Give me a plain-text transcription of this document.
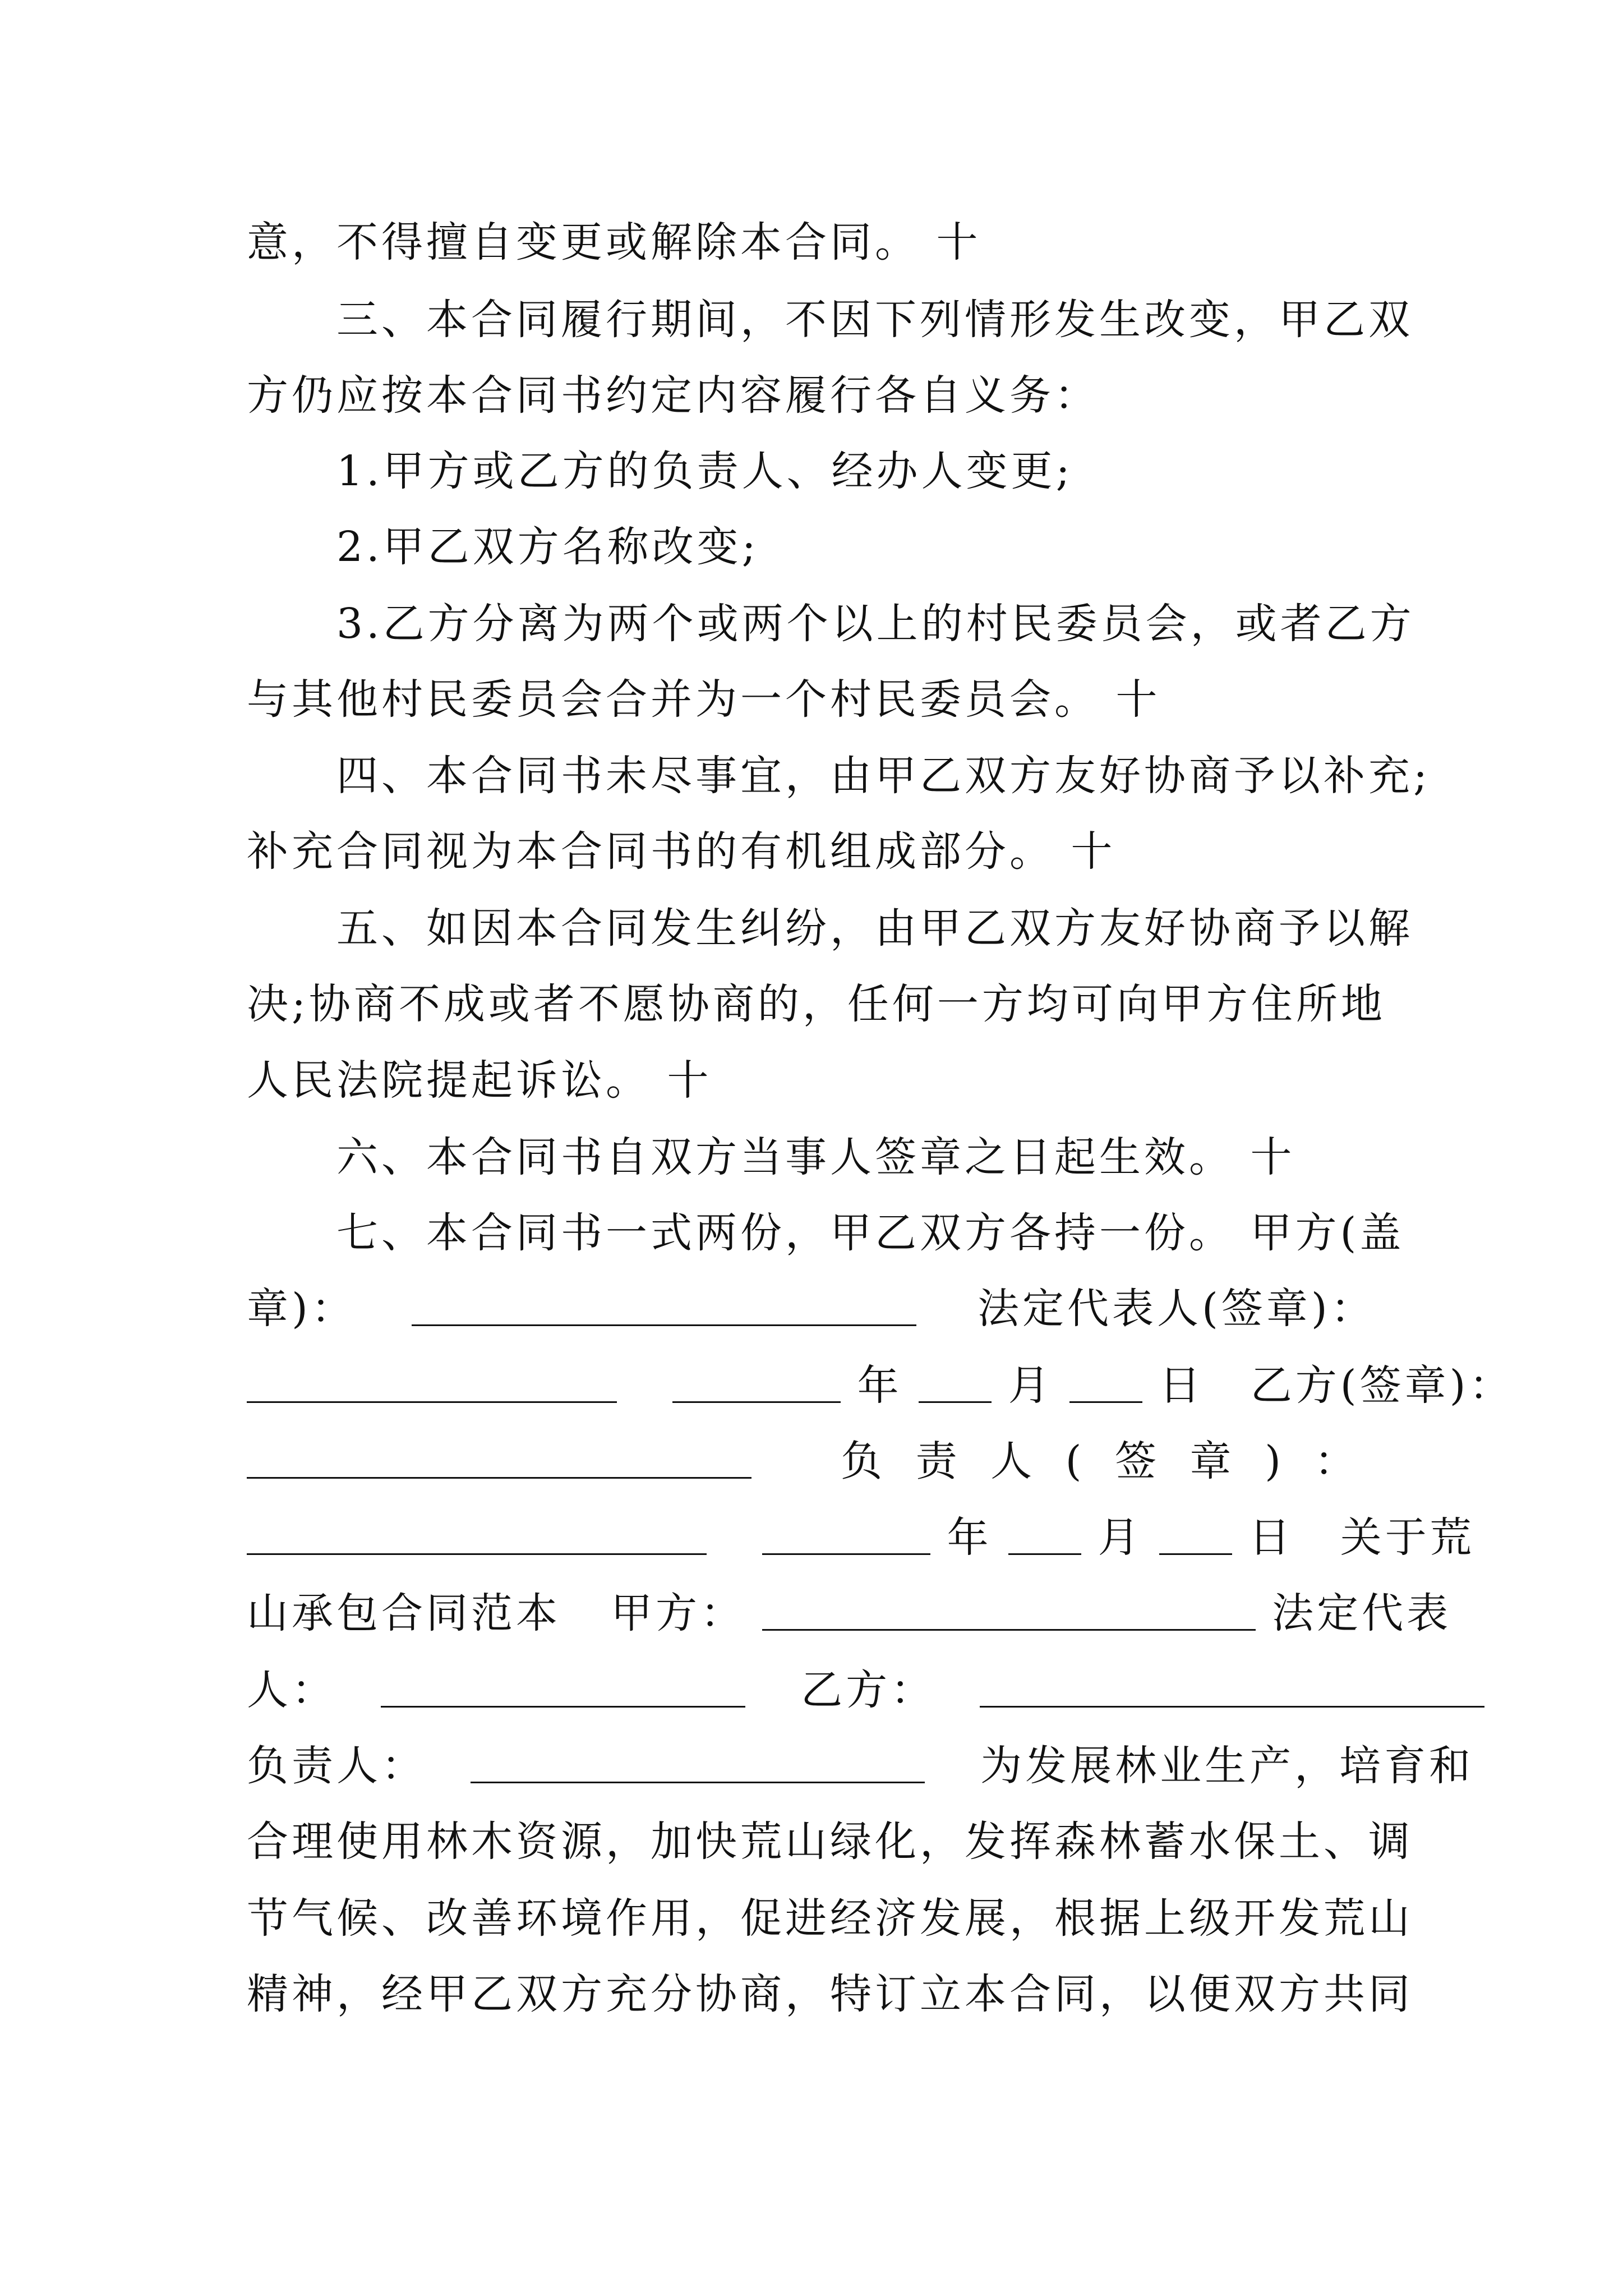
意，不得擅自变更或解除本合同。 十
三、本合同履行期间，不因下列情形发生改变，甲乙双
方仍应按本合同书约定内容履行各自义务：
1.甲方或乙方的负责人、经办人变更;
2.甲乙双方名称改变;
3.乙方分离为两个或两个以上的村民委员会，或者乙方
与其他村民委员会合并为一个村民委员会。 十
四、本合同书未尽事宜，由甲乙双方友好协商予以补充;
补充合同视为本合同书的有机组成部分。 十
五、如因本合同发生纠纷，由甲乙双方友好协商予以解
决;协商不成或者不愿协商的，任何一方均可向甲方住所地
人民法院提起诉讼。 十
六、本合同书自双方当事人签章之日起生效。 十
七、本合同书一式两份，甲乙双方各持一份。 甲方(盖
章)：	法定代表人(签章)：
年	月	日 乙方(签章)：
负 责 人 ( 签 章 ) ：
年	月	日 关于荒
山承包合同范本 甲方：	法定代表
人：	乙方：
负责人：	为发展林业生产，培育和
合理使用林木资源，加快荒山绿化，发挥森林蓄水保土、调
节气候、改善环境作用，促进经济发展，根据上级开发荒山
精神，经甲乙双方充分协商，特订立本合同，以便双方共同
